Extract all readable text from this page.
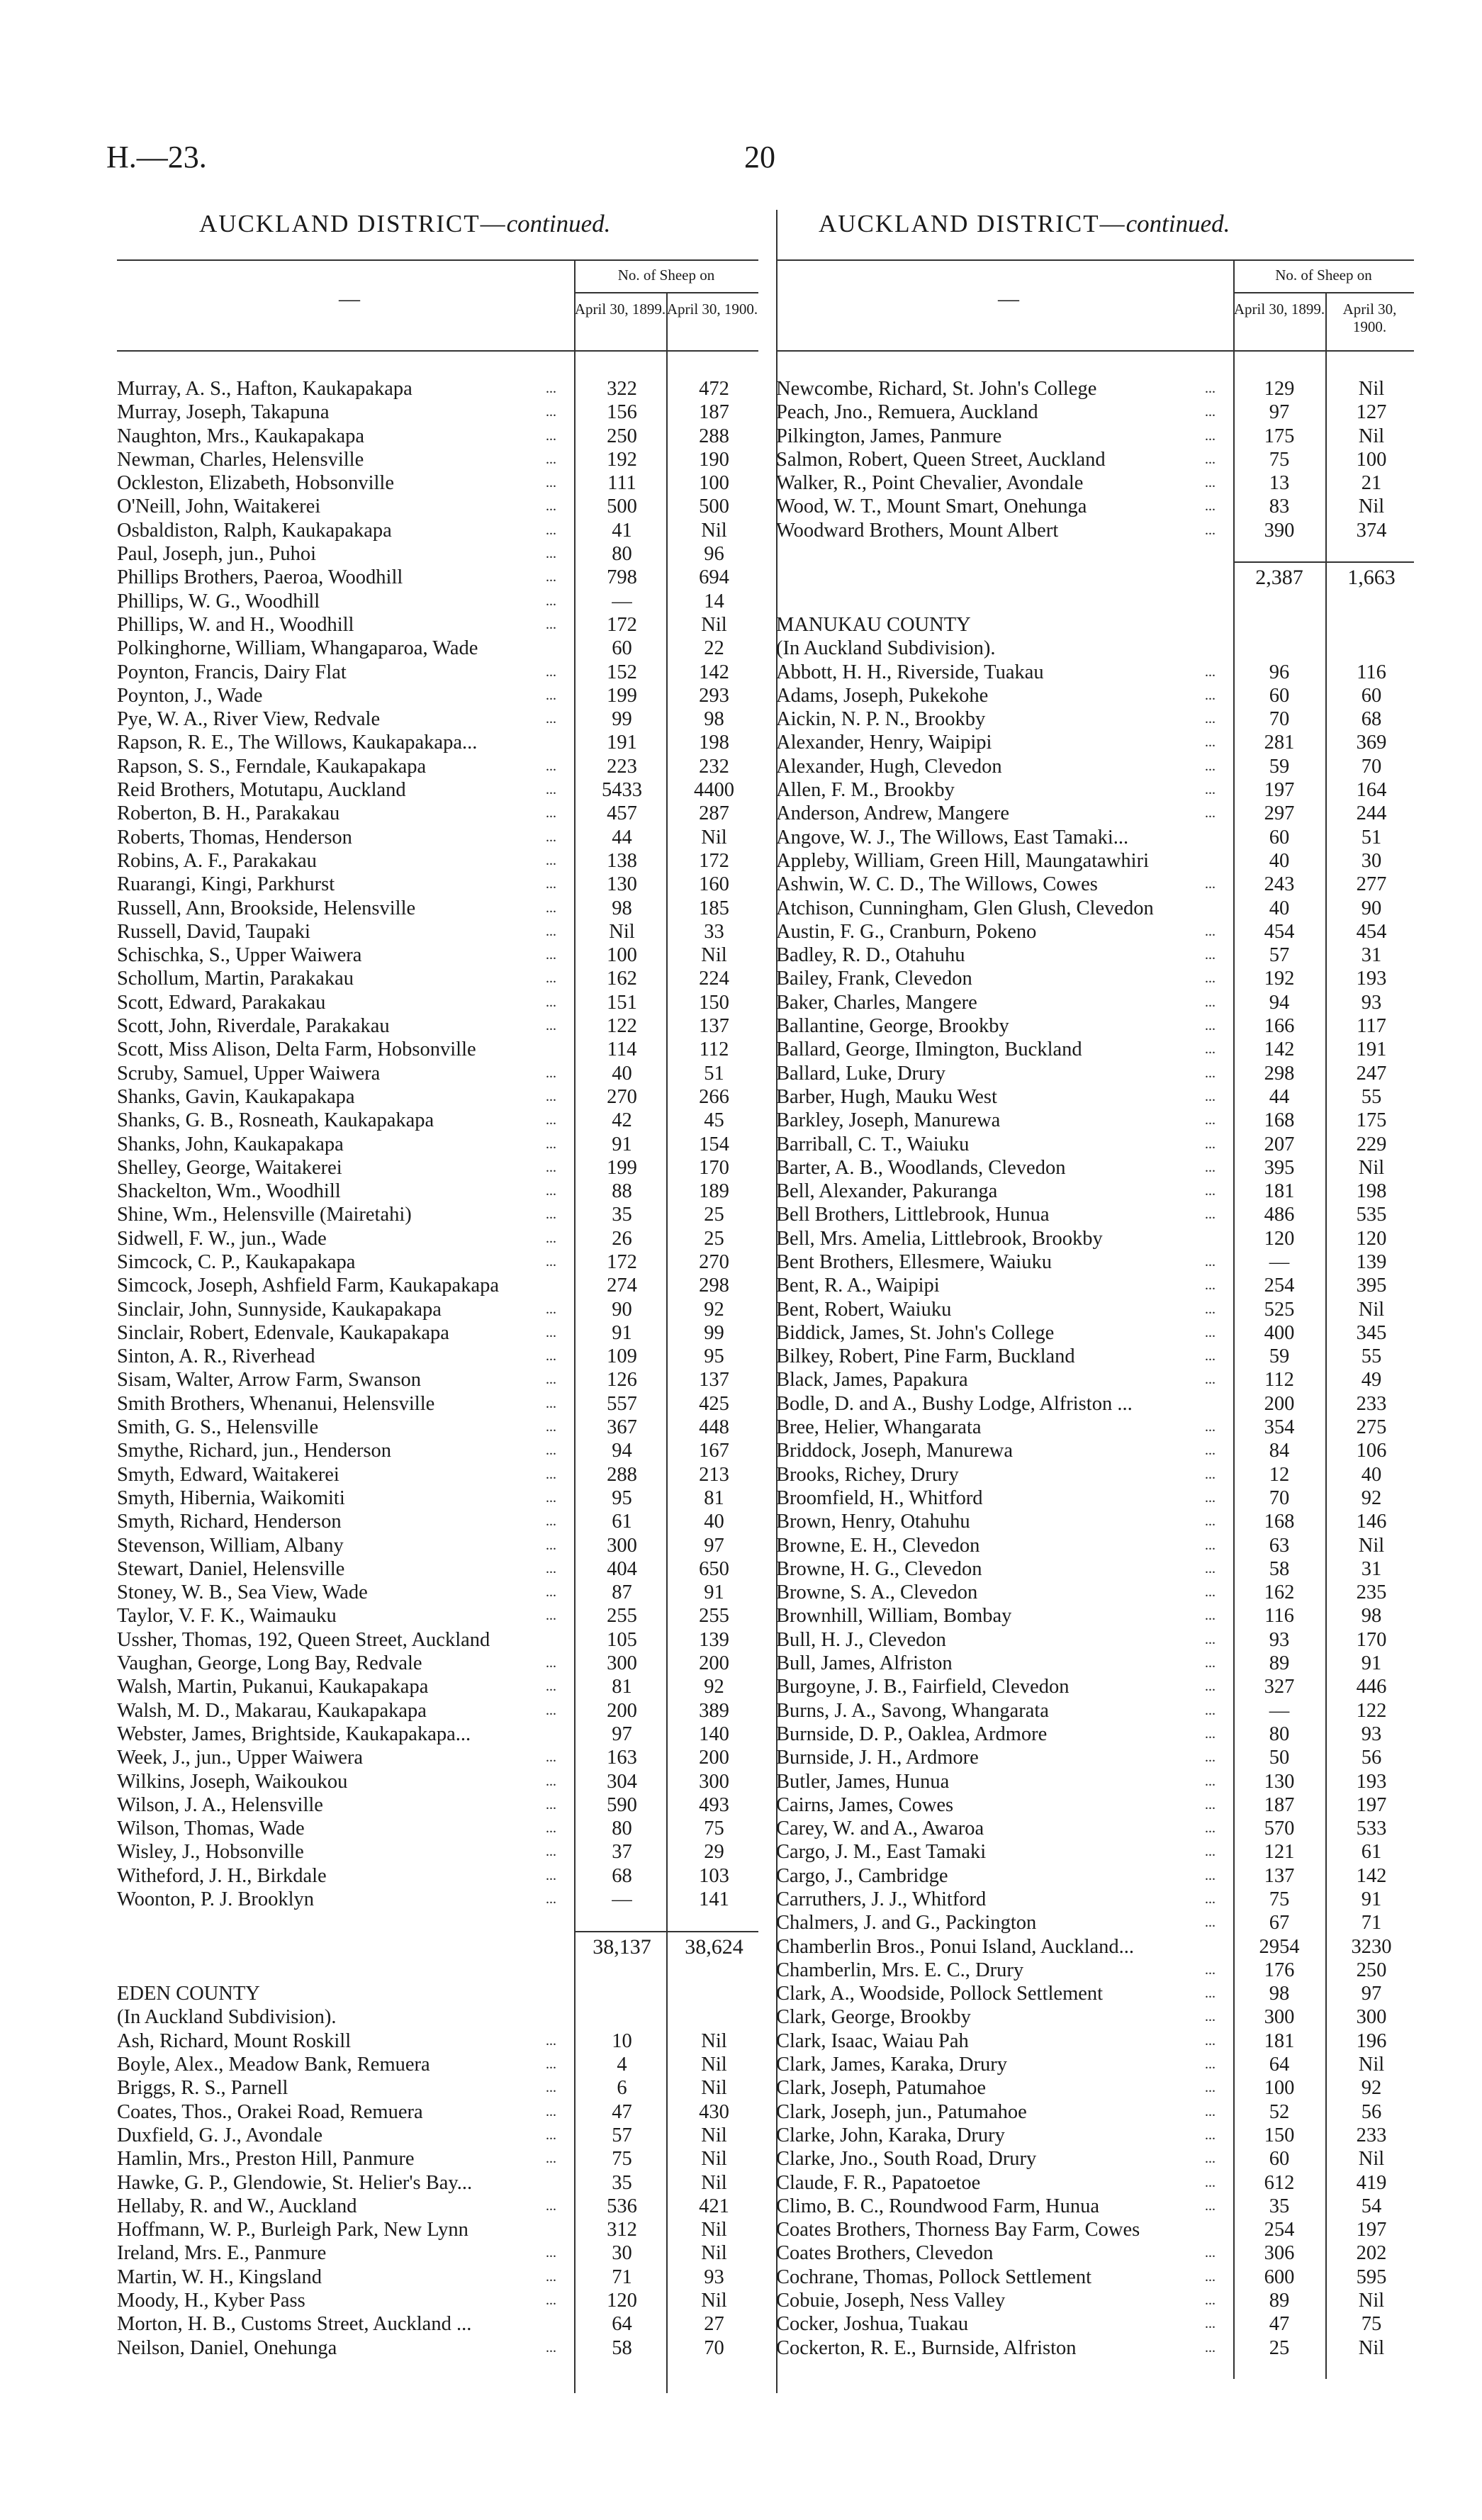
H.—23.	20
AUCKLAND DISTRICT—continued.
—
No. of Sheep on
April 30, 1899. April 30, 1900.
Murray, A. S., Hafton, Kaukapakapa	...	322	472
Murray, Joseph, Takapuna	...	156	187
Naughton, Mrs., Kaukapakapa	...	250	288
Newman, Charles, Helensville	...	192	190
Ockleston, Elizabeth, Hobsonville	...	111	100
O'Neill, John, Waitakerei	...	500	500
Osbaldiston, Ralph, Kaukapakapa	...	41	Nil
Paul, Joseph, jun., Puhoi	...	80	96
Phillips Brothers, Paeroa, Woodhill	...	798	694
Phillips, W. G., Woodhill	...	—	14
Phillips, W. and H., Woodhill	...	172	Nil
Polkinghorne, William, Whangaparoa, Wade	60	22
Poynton, Francis, Dairy Flat	...	152	142
Poynton, J., Wade	...	199	293
Pye, W. A., River View, Redvale	...	99	98
Rapson, R. E., The Willows, Kaukapakapa...	191	198
Rapson, S. S., Ferndale, Kaukapakapa	...	223	232
Reid Brothers, Motutapu, Auckland	...	5433	4400
Roberton, B. H., Parakakau	...	457	287
Roberts, Thomas, Henderson	...	44	Nil
Robins, A. F., Parakakau	...	138	172
Ruarangi, Kingi, Parkhurst	...	130	160
Russell, Ann, Brookside, Helensville	...	98	185
Russell, David, Taupaki	...	Nil	33
Schischka, S., Upper Waiwera	...	100	Nil
Schollum, Martin, Parakakau	...	162	224
Scott, Edward, Parakakau	...	151	150
Scott, John, Riverdale, Parakakau	...	122	137
Scott, Miss Alison, Delta Farm, Hobsonville	114	112
Scruby, Samuel, Upper Waiwera	...	40	51
Shanks, Gavin, Kaukapakapa	...	270	266
Shanks, G. B., Rosneath, Kaukapakapa	...	42	45
Shanks, John, Kaukapakapa	...	91	154
Shelley, George, Waitakerei	...	199	170
Shackelton, Wm., Woodhill	...	88	189
Shine, Wm., Helensville (Mairetahi)	...	35	25
Sidwell, F. W., jun., Wade	...	26	25
Simcock, C. P., Kaukapakapa	...	172	270
Simcock, Joseph, Ashfield Farm, Kaukapakapa	274	298
Sinclair, John, Sunnyside, Kaukapakapa	...	90	92
Sinclair, Robert, Edenvale, Kaukapakapa	...	91	99
Sinton, A. R., Riverhead	...	109	95
Sisam, Walter, Arrow Farm, Swanson	...	126	137
Smith Brothers, Whenanui, Helensville	...	557	425
Smith, G. S., Helensville	...	367	448
Smythe, Richard, jun., Henderson	...	94	167
Smyth, Edward, Waitakerei	...	288	213
Smyth, Hibernia, Waikomiti	...	95	81
Smyth, Richard, Henderson	...	61	40
Stevenson, William, Albany	...	300	97
Stewart, Daniel, Helensville	...	404	650
Stoney, W. B., Sea View, Wade	...	87	91
Taylor, V. F. K., Waimauku	...	255	255
Ussher, Thomas, 192, Queen Street, Auckland	105	139
Vaughan, George, Long Bay, Redvale	...	300	200
Walsh, Martin, Pukanui, Kaukapakapa	...	81	92
Walsh, M. D., Makarau, Kaukapakapa	...	200	389
Webster, James, Brightside, Kaukapakapa...	97	140
Week, J., jun., Upper Waiwera	...	163	200
Wilkins, Joseph, Waikoukou	...	304	300
Wilson, J. A., Helensville	...	590	493
Wilson, Thomas, Wade	...	80	75
Wisley, J., Hobsonville	...	37	29
Witheford, J. H., Birkdale	...	68	103
Woonton, P. J. Brooklyn	...	—	141
38,137	38,624
EDEN COUNTY
(In Auckland Subdivision).
Ash, Richard, Mount Roskill	...	10	Nil
Boyle, Alex., Meadow Bank, Remuera	...	4	Nil
Briggs, R. S., Parnell	...	6	Nil
Coates, Thos., Orakei Road, Remuera	...	47	430
Duxfield, G. J., Avondale	...	57	Nil
Hamlin, Mrs., Preston Hill, Panmure	...	75	Nil
Hawke, G. P., Glendowie, St. Helier's Bay...	35	Nil
Hellaby, R. and W., Auckland	...	536	421
Hoffmann, W. P., Burleigh Park, New Lynn	312	Nil
Ireland, Mrs. E., Panmure	...	30	Nil
Martin, W. H., Kingsland	...	71	93
Moody, H., Kyber Pass	...	120	Nil
Morton, H. B., Customs Street, Auckland ...	64	27
Neilson, Daniel, Onehunga	...	58	70
AUCKLAND DISTRICT—continued.
—
No. of Sheep on
April 30, 1899.	April 30, 1900.
Newcombe, Richard, St. John's College	...	129	Nil
Peach, Jno., Remuera, Auckland	...	97	127
Pilkington, James, Panmure	...	175	Nil
Salmon, Robert, Queen Street, Auckland	...	75	100
Walker, R., Point Chevalier, Avondale	...	13	21
Wood, W. T., Mount Smart, Onehunga	...	83	Nil
Woodward Brothers, Mount Albert	...	390	374
2,387	1,663
MANUKAU COUNTY
(In Auckland Subdivision).
Abbott, H. H., Riverside, Tuakau	...	96	116
Adams, Joseph, Pukekohe	...	60	60
Aickin, N. P. N., Brookby	...	70	68
Alexander, Henry, Waipipi	...	281	369
Alexander, Hugh, Clevedon	...	59	70
Allen, F. M., Brookby	...	197	164
Anderson, Andrew, Mangere	...	297	244
Angove, W. J., The Willows, East Tamaki...	60	51
Appleby, William, Green Hill, Maungatawhiri	40	30
Ashwin, W. C. D., The Willows, Cowes	...	243	277
Atchison, Cunningham, Glen Glush, Clevedon	40	90
Austin, F. G., Cranburn, Pokeno	...	454	454
Badley, R. D., Otahuhu	...	57	31
Bailey, Frank, Clevedon	...	192	193
Baker, Charles, Mangere	...	94	93
Ballantine, George, Brookby	...	166	117
Ballard, George, Ilmington, Buckland	...	142	191
Ballard, Luke, Drury	...	298	247
Barber, Hugh, Mauku West	...	44	55
Barkley, Joseph, Manurewa	...	168	175
Barriball, C. T., Waiuku	...	207	229
Barter, A. B., Woodlands, Clevedon	...	395	Nil
Bell, Alexander, Pakuranga	...	181	198
Bell Brothers, Littlebrook, Hunua	...	486	535
Bell, Mrs. Amelia, Littlebrook, Brookby	120	120
Bent Brothers, Ellesmere, Waiuku	...	—	139
Bent, R. A., Waipipi	...	254	395
Bent, Robert, Waiuku	...	525	Nil
Biddick, James, St. John's College	...	400	345
Bilkey, Robert, Pine Farm, Buckland	...	59	55
Black, James, Papakura	...	112	49
Bodle, D. and A., Bushy Lodge, Alfriston ...	200	233
Bree, Helier, Whangarata	...	354	275
Briddock, Joseph, Manurewa	...	84	106
Brooks, Richey, Drury	...	12	40
Broomfield, H., Whitford	...	70	92
Brown, Henry, Otahuhu	...	168	146
Browne, E. H., Clevedon	...	63	Nil
Browne, H. G., Clevedon	...	58	31
Browne, S. A., Clevedon	...	162	235
Brownhill, William, Bombay	...	116	98
Bull, H. J., Clevedon	...	93	170
Bull, James, Alfriston	...	89	91
Burgoyne, J. B., Fairfield, Clevedon	...	327	446
Burns, J. A., Savong, Whangarata	...	—	122
Burnside, D. P., Oaklea, Ardmore	...	80	93
Burnside, J. H., Ardmore	...	50	56
Butler, James, Hunua	...	130	193
Cairns, James, Cowes	...	187	197
Carey, W. and A., Awaroa	...	570	533
Cargo, J. M., East Tamaki	...	121	61
Cargo, J., Cambridge	...	137	142
Carruthers, J. J., Whitford	...	75	91
Chalmers, J. and G., Packington	...	67	71
Chamberlin Bros., Ponui Island, Auckland...	2954	3230
Chamberlin, Mrs. E. C., Drury	...	176	250
Clark, A., Woodside, Pollock Settlement	...	98	97
Clark, George, Brookby	...	300	300
Clark, Isaac, Waiau Pah	...	181	196
Clark, James, Karaka, Drury	...	64	Nil
Clark, Joseph, Patumahoe	...	100	92
Clark, Joseph, jun., Patumahoe	...	52	56
Clarke, John, Karaka, Drury	...	150	233
Clarke, Jno., South Road, Drury	...	60	Nil
Claude, F. R., Papatoetoe	...	612	419
Climo, B. C., Roundwood Farm, Hunua	...	35	54
Coates Brothers, Thorness Bay Farm, Cowes	254	197
Coates Brothers, Clevedon	...	306	202
Cochrane, Thomas, Pollock Settlement	...	600	595
Cobuie, Joseph, Ness Valley	...	89	Nil
Cocker, Joshua, Tuakau	...	47	75
Cockerton, R. E., Burnside, Alfriston	...	25	Nil
